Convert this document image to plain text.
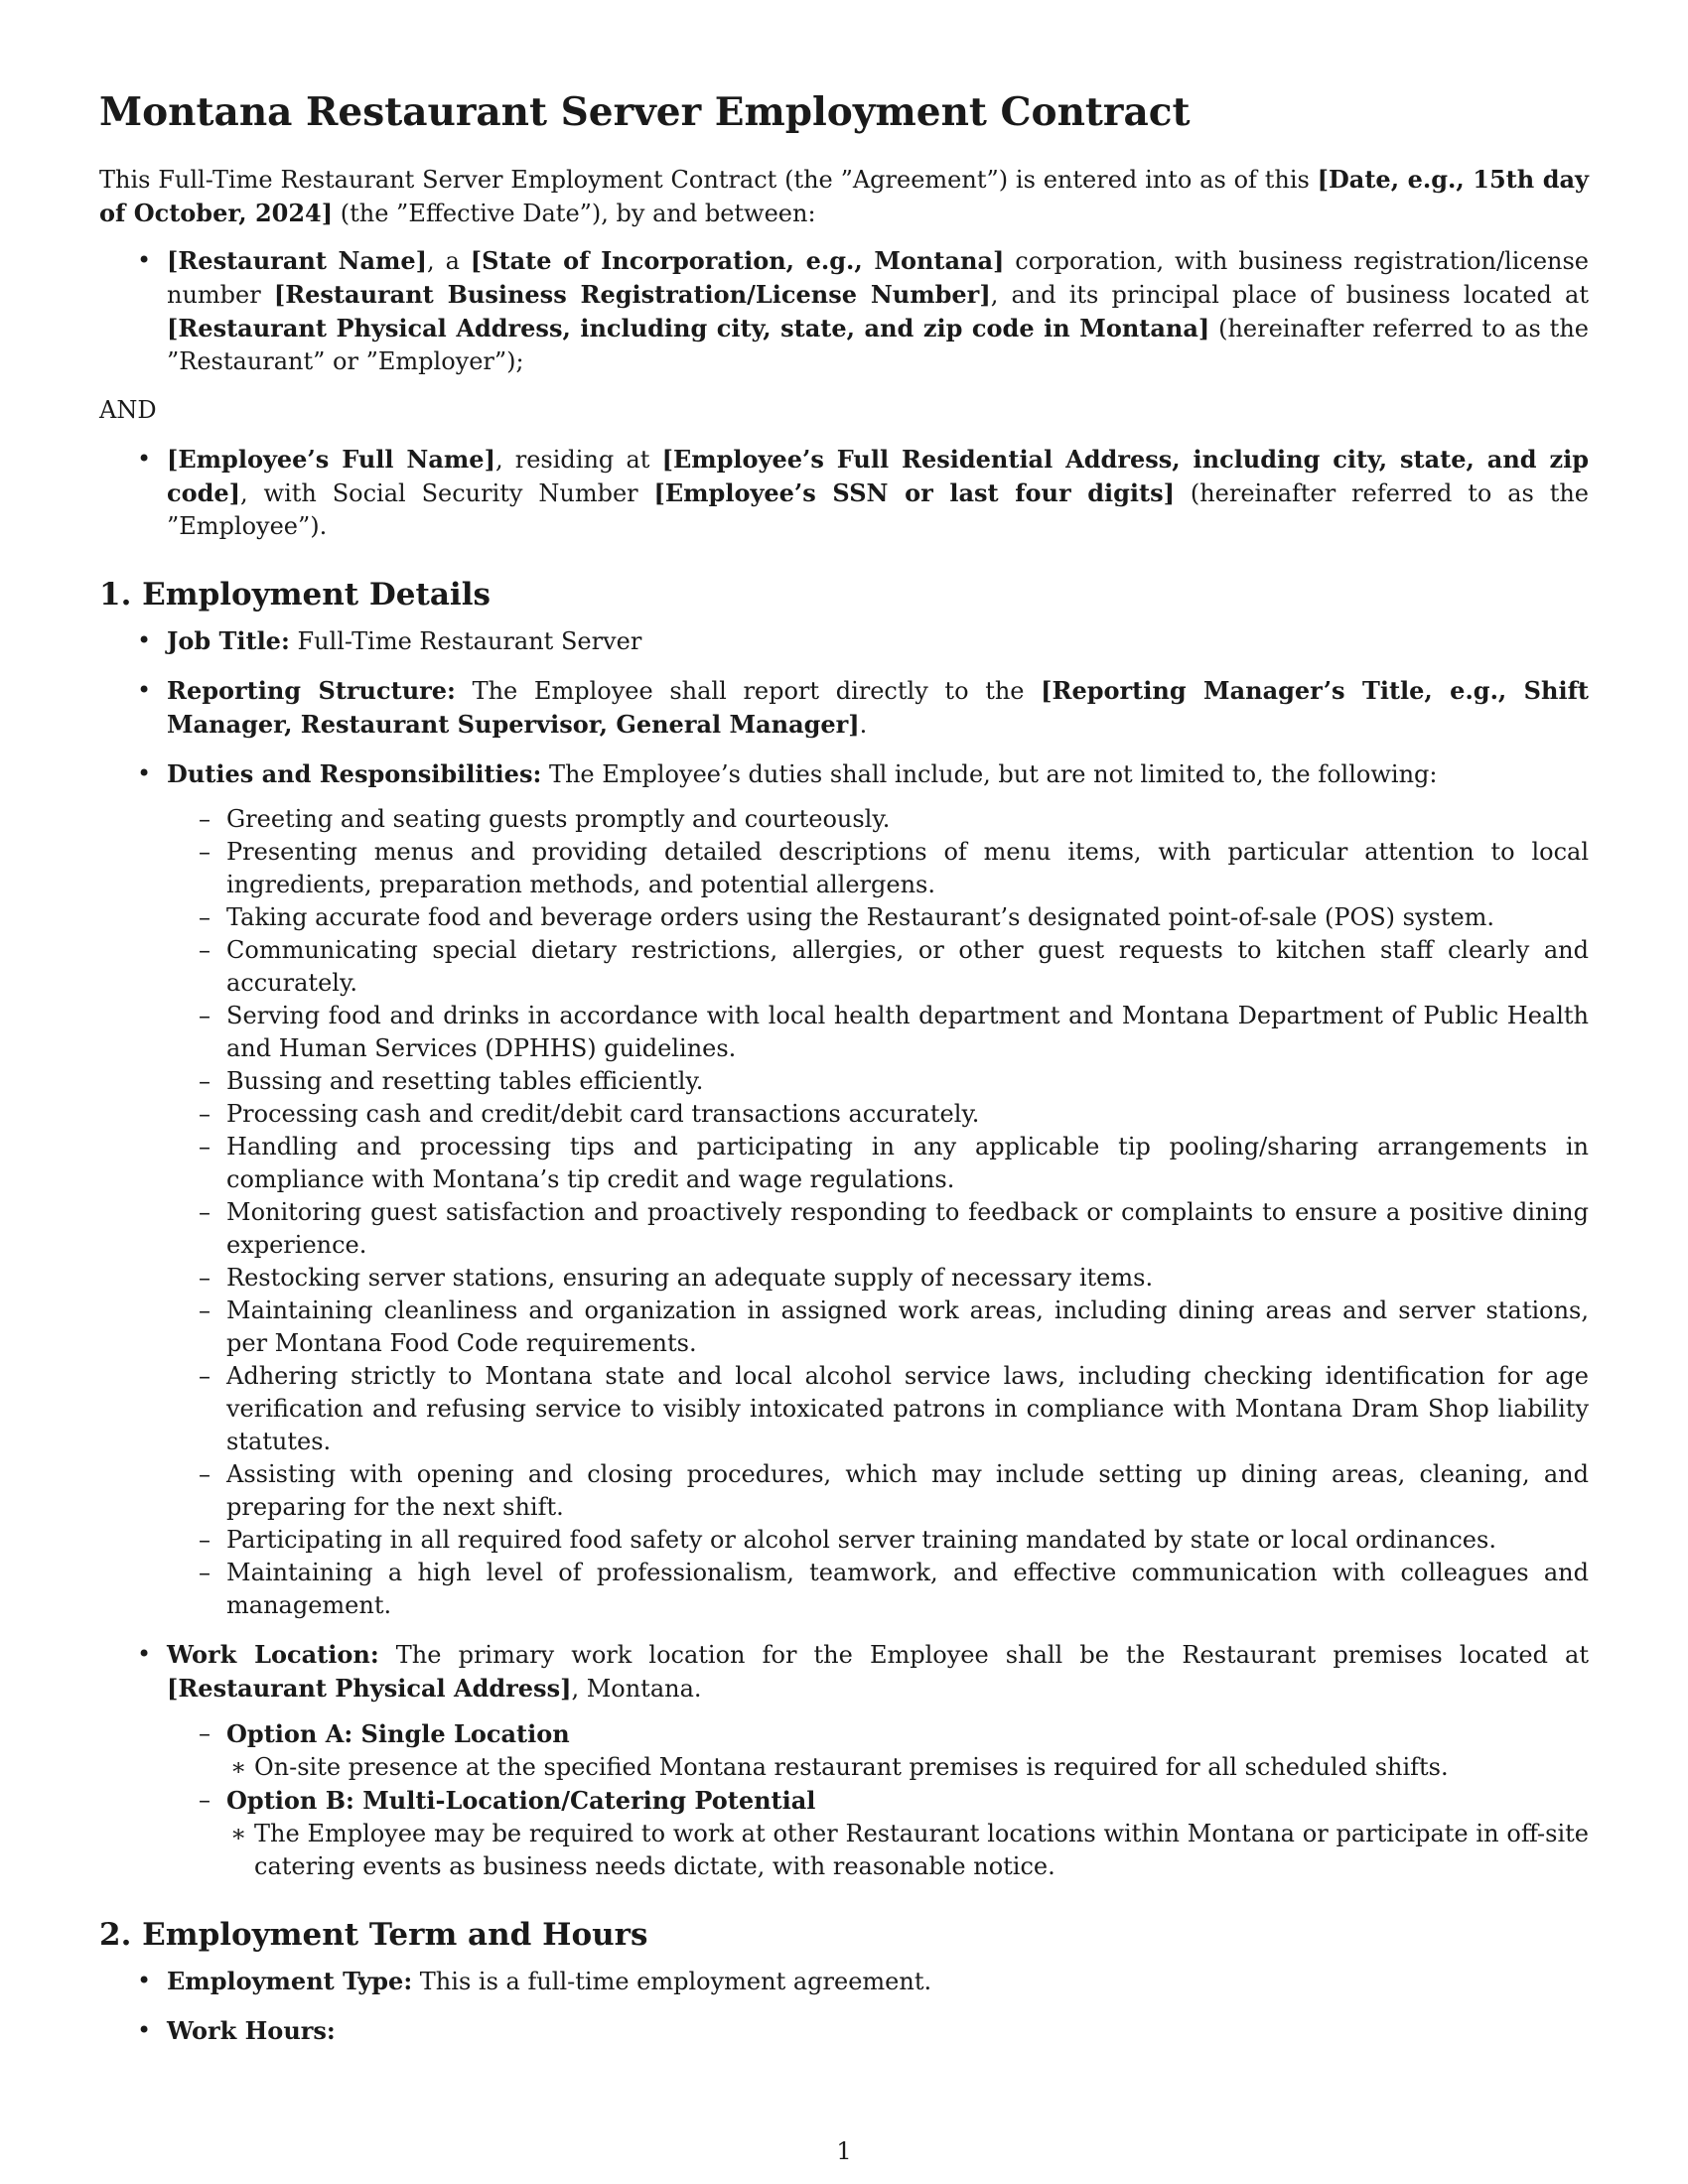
Montana Restaurant Server Employment Contract

This Full-Time Restaurant Server Employment Contract (the ”Agreement”) is entered into as of this [Date, e.g., 15th day of October, 2024] (the ”Effective Date”), by and between:

• [Restaurant Name], a [State of Incorporation, e.g., Montana] corporation, with business registration/license number [Restaurant Business Registration/License Number], and its principal place of business located at [Restaurant Physical Address, including city, state, and zip code in Montana] (hereinafter referred to as the ”Restaurant” or ”Employer”);

AND

• [Employee’s Full Name], residing at [Employee’s Full Residential Address, including city, state, and zip code], with Social Security Number [Employee’s SSN or last four digits] (hereinafter referred to as the ”Employee”).
1. Employment Details
• Job Title: Full-Time Restaurant Server
• Reporting Structure: The Employee shall report directly to the [Reporting Manager’s Title, e.g., Shift Manager, Restaurant Supervisor, General Manager].
• Duties and Responsibilities: The Employee’s duties shall include, but are not limited to, the following:
– Greeting and seating guests promptly and courteously.
– Presenting menus and providing detailed descriptions of menu items, with particular attention to local ingredients, preparation methods, and potential allergens.
– Taking accurate food and beverage orders using the Restaurant’s designated point-of-sale (POS) system.
– Communicating special dietary restrictions, allergies, or other guest requests to kitchen staff clearly and accurately.
– Serving food and drinks in accordance with local health department and Montana Department of Public Health and Human Services (DPHHS) guidelines.
– Bussing and resetting tables efficiently.
– Processing cash and credit/debit card transactions accurately.
– Handling and processing tips and participating in any applicable tip pooling/sharing arrangements in compliance with Montana’s tip credit and wage regulations.
– Monitoring guest satisfaction and proactively responding to feedback or complaints to ensure a positive dining experience.
– Restocking server stations, ensuring an adequate supply of necessary items.
– Maintaining cleanliness and organization in assigned work areas, including dining areas and server stations, per Montana Food Code requirements.
– Adhering strictly to Montana state and local alcohol service laws, including checking identification for age verification and refusing service to visibly intoxicated patrons in compliance with Montana Dram Shop liability statutes.
– Assisting with opening and closing procedures, which may include setting up dining areas, cleaning, and preparing for the next shift.
– Participating in all required food safety or alcohol server training mandated by state or local ordinances.
– Maintaining a high level of professionalism, teamwork, and effective communication with colleagues and management.
• Work Location: The primary work location for the Employee shall be the Restaurant premises located at [Restaurant Physical Address], Montana.
– Option A: Single Location
∗ On-site presence at the specified Montana restaurant premises is required for all scheduled shifts.
– Option B: Multi-Location/Catering Potential
∗ The Employee may be required to work at other Restaurant locations within Montana or participate in off-site catering events as business needs dictate, with reasonable notice.
2. Employment Term and Hours
• Employment Type: This is a full-time employment agreement.
• Work Hours:
1
